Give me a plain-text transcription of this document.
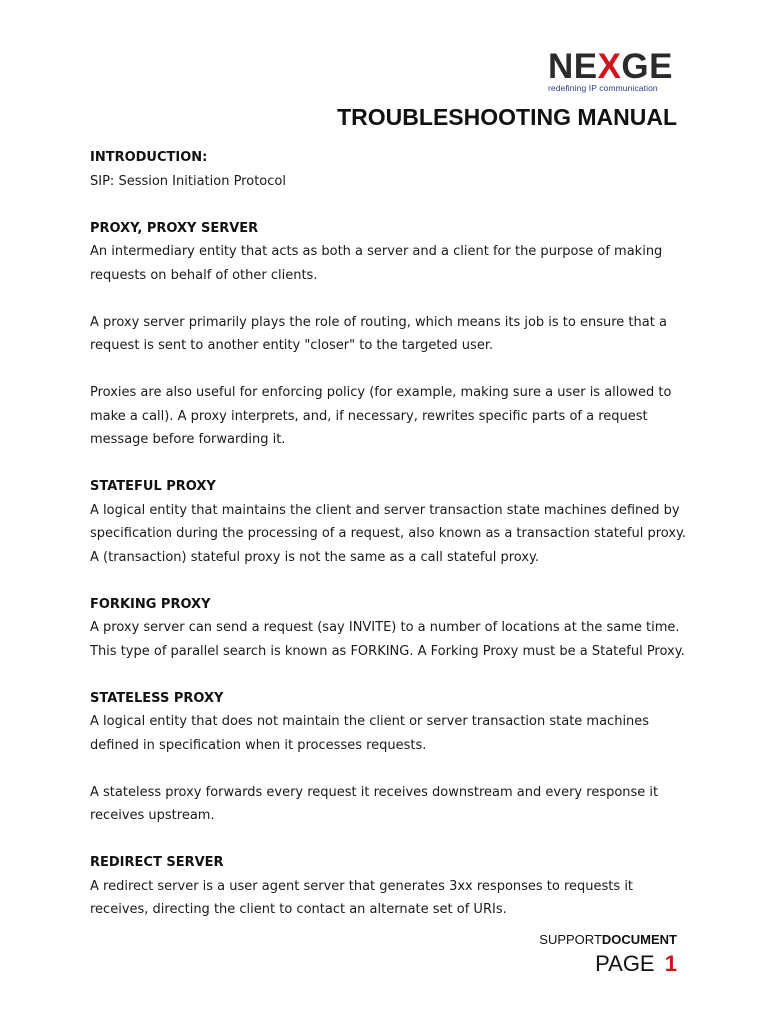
NEXGE
redefining IP communication
TROUBLESHOOTING MANUAL
INTRODUCTION:

SIP: Session Initiation Protocol

PROXY, PROXY SERVER

An intermediary entity that acts as both a server and a client for the purpose of making requests on behalf of other clients.

A proxy server primarily plays the role of routing, which means its job is to ensure that a request is sent to another entity "closer" to the targeted user.

Proxies are also useful for enforcing policy (for example, making sure a user is allowed to make a call). A proxy interprets, and, if necessary, rewrites specific parts of a request message before forwarding it.

STATEFUL PROXY

A logical entity that maintains the client and server transaction state machines defined by specification during the processing of a request, also known as a transaction stateful proxy. A (transaction) stateful proxy is not the same as a call stateful proxy.

FORKING PROXY

A proxy server can send a request (say INVITE) to a number of locations at the same time. This type of parallel search is known as FORKING. A Forking Proxy must be a Stateful Proxy.

STATELESS PROXY

A logical entity that does not maintain the client or server transaction state machines defined in specification when it processes requests.

A stateless proxy forwards every request it receives downstream and every response it receives upstream.

REDIRECT SERVER

A redirect server is a user agent server that generates 3xx responses to requests it receives, directing the client to contact an alternate set of URIs.

SUPPORTDOCUMENT
PAGE 1
